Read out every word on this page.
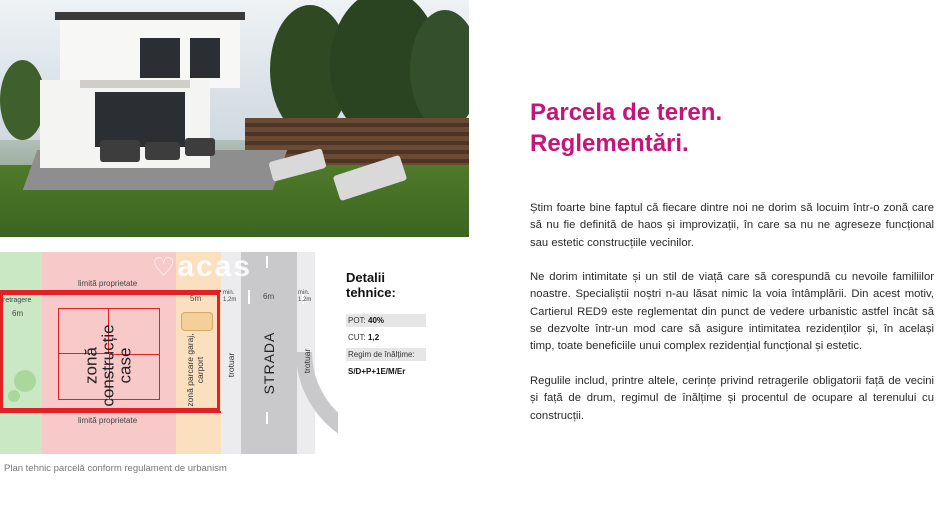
limită proprietate
limită proprietate
retragere
6m
5m
min. 1,2m	6m	min. 1,2m
zonă construcție case	zonă parcare garaj, carport trotuar STRADA	trotuar
♡acas	Detalii tehnice:
POT: 40%
CUT: 1,2
Regim de înălțime:
S/D+P+1E/M/Er
Plan tehnic parcelă conform regulament de urbanism
Parcela de teren.
Reglementări.

Știm foarte bine faptul că fiecare dintre noi ne dorim să locuim într-o zonă care să nu fie definită de haos și improvizații, în care sa nu ne agreseze funcțional sau estetic construcțiile vecinilor.

Ne dorim intimitate și un stil de viață care să corespundă cu nevoile familiilor noastre. Specialiștii noștri n-au lăsat nimic la voia întâmplării. Din acest motiv, Cartierul RED9 este reglementat din punct de vedere urbanistic astfel încât să se dezvolte într-un mod care să asigure intimitatea rezidenților și, în același timp, toate beneficiile unui complex rezidențial funcțional și estetic.

Regulile includ, printre altele, cerințe privind retragerile obligatorii față de vecini și față de drum, regimul de înălțime și procentul de ocupare al terenului cu construcții.
